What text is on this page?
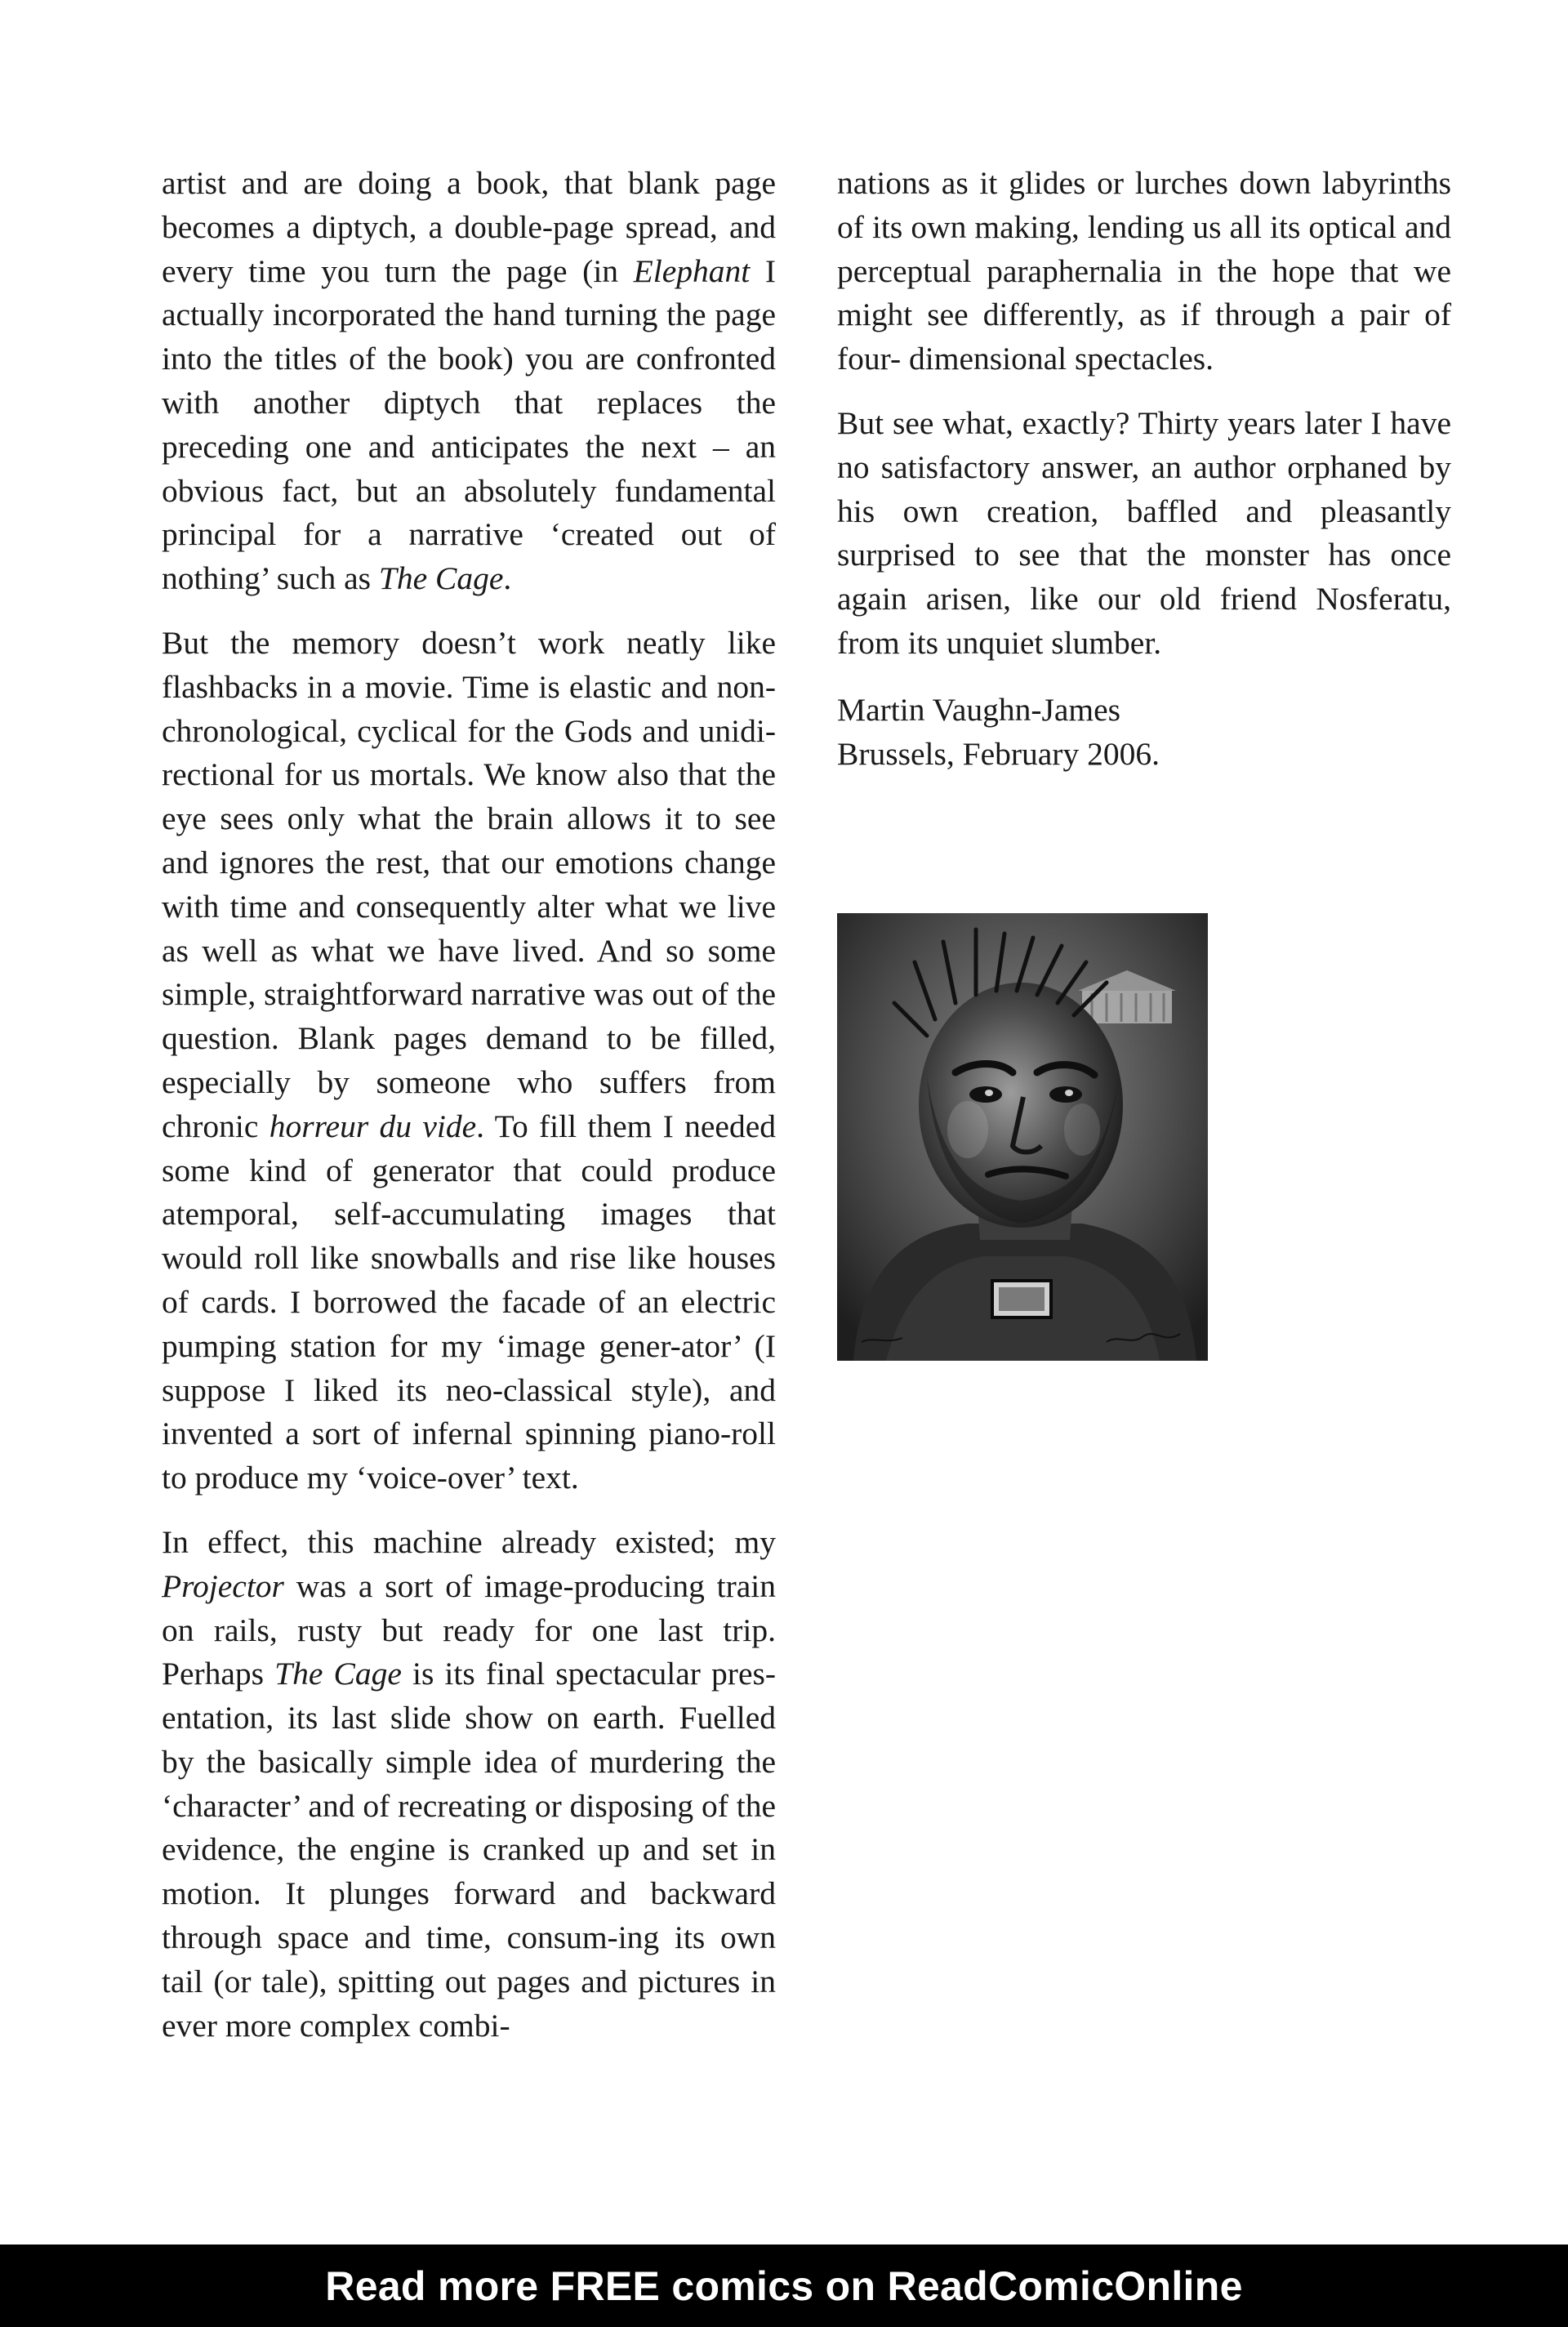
artist and are doing a book, that blank page becomes a diptych, a double-page spread, and every time you turn the page (in Elephant I actually incorporated the hand turning the page into the titles of the book) you are confronted with another diptych that replaces the preceding one and anticipates the next – an obvious fact, but an absolutely fundamental principal for a narrative ‘created out of nothing’ such as The Cage.

But the memory doesn’t work neatly like flashbacks in a movie. Time is elastic and non-chronological, cyclical for the Gods and unidi-rectional for us mortals. We know also that the eye sees only what the brain allows it to see and ignores the rest, that our emotions change with time and consequently alter what we live as well as what we have lived. And so some simple, straightforward narrative was out of the question. Blank pages demand to be filled, especially by someone who suffers from chronic horreur du vide. To fill them I needed some kind of generator that could produce atemporal, self-accumulating images that would roll like snowballs and rise like houses of cards. I borrowed the facade of an electric pumping station for my ‘image gener-ator’ (I suppose I liked its neo-classical style), and invented a sort of infernal spinning piano-roll to produce my ‘voice-over’ text.

In effect, this machine already existed; my Projector was a sort of image-producing train on rails, rusty but ready for one last trip. Perhaps The Cage is its final spectacular pres-entation, its last slide show on earth. Fuelled by the basically simple idea of murdering the ‘character’ and of recreating or disposing of the evidence, the engine is cranked up and set in motion. It plunges forward and backward through space and time, consum-ing its own tail (or tale), spitting out pages and pictures in ever more complex combi-

nations as it glides or lurches down labyrinths of its own making, lending us all its optical and perceptual paraphernalia in the hope that we might see differently, as if through a pair of four- dimensional spectacles.

But see what, exactly? Thirty years later I have no satisfactory answer, an author orphaned by his own creation, baffled and pleasantly surprised to see that the monster has once again arisen, like our old friend Nosferatu, from its unquiet slumber.

Martin Vaughn-James
Brussels, February 2006.

Read more FREE comics on ReadComicOnline
